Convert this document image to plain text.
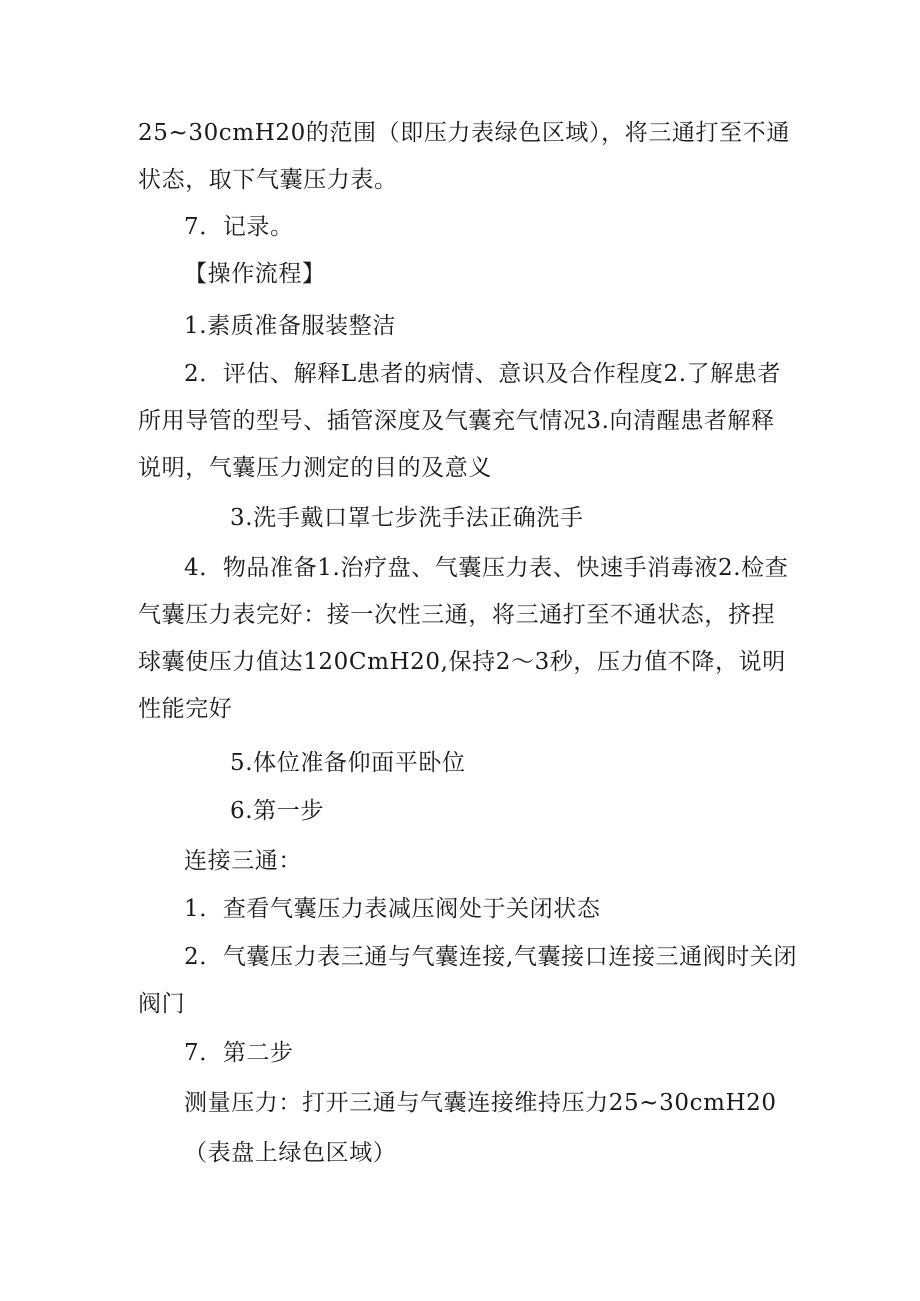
25~30cmH20的范围（即压力表绿色区域），将三通打至不通状态，取下气囊压力表。

7．记录。

【操作流程】

1.素质准备服装整洁

2．评估、解释L患者的病情、意识及合作程度2.了解患者所用导管的型号、插管深度及气囊充气情况3.向清醒患者解释说明，气囊压力测定的目的及意义

3.洗手戴口罩七步洗手法正确洗手

4．物品准备1.治疗盘、气囊压力表、快速手消毒液2.检查气囊压力表完好：接一次性三通，将三通打至不通状态，挤捏球囊使压力值达120CmH20,保持2～3秒，压力值不降，说明性能完好

5.体位准备仰面平卧位

6.第一步

连接三通：

1．查看气囊压力表减压阀处于关闭状态

2．气囊压力表三通与气囊连接,气囊接口连接三通阀时关闭阀门

7．第二步

测量压力：打开三通与气囊连接维持压力25~30cmH20

（表盘上绿色区域）
